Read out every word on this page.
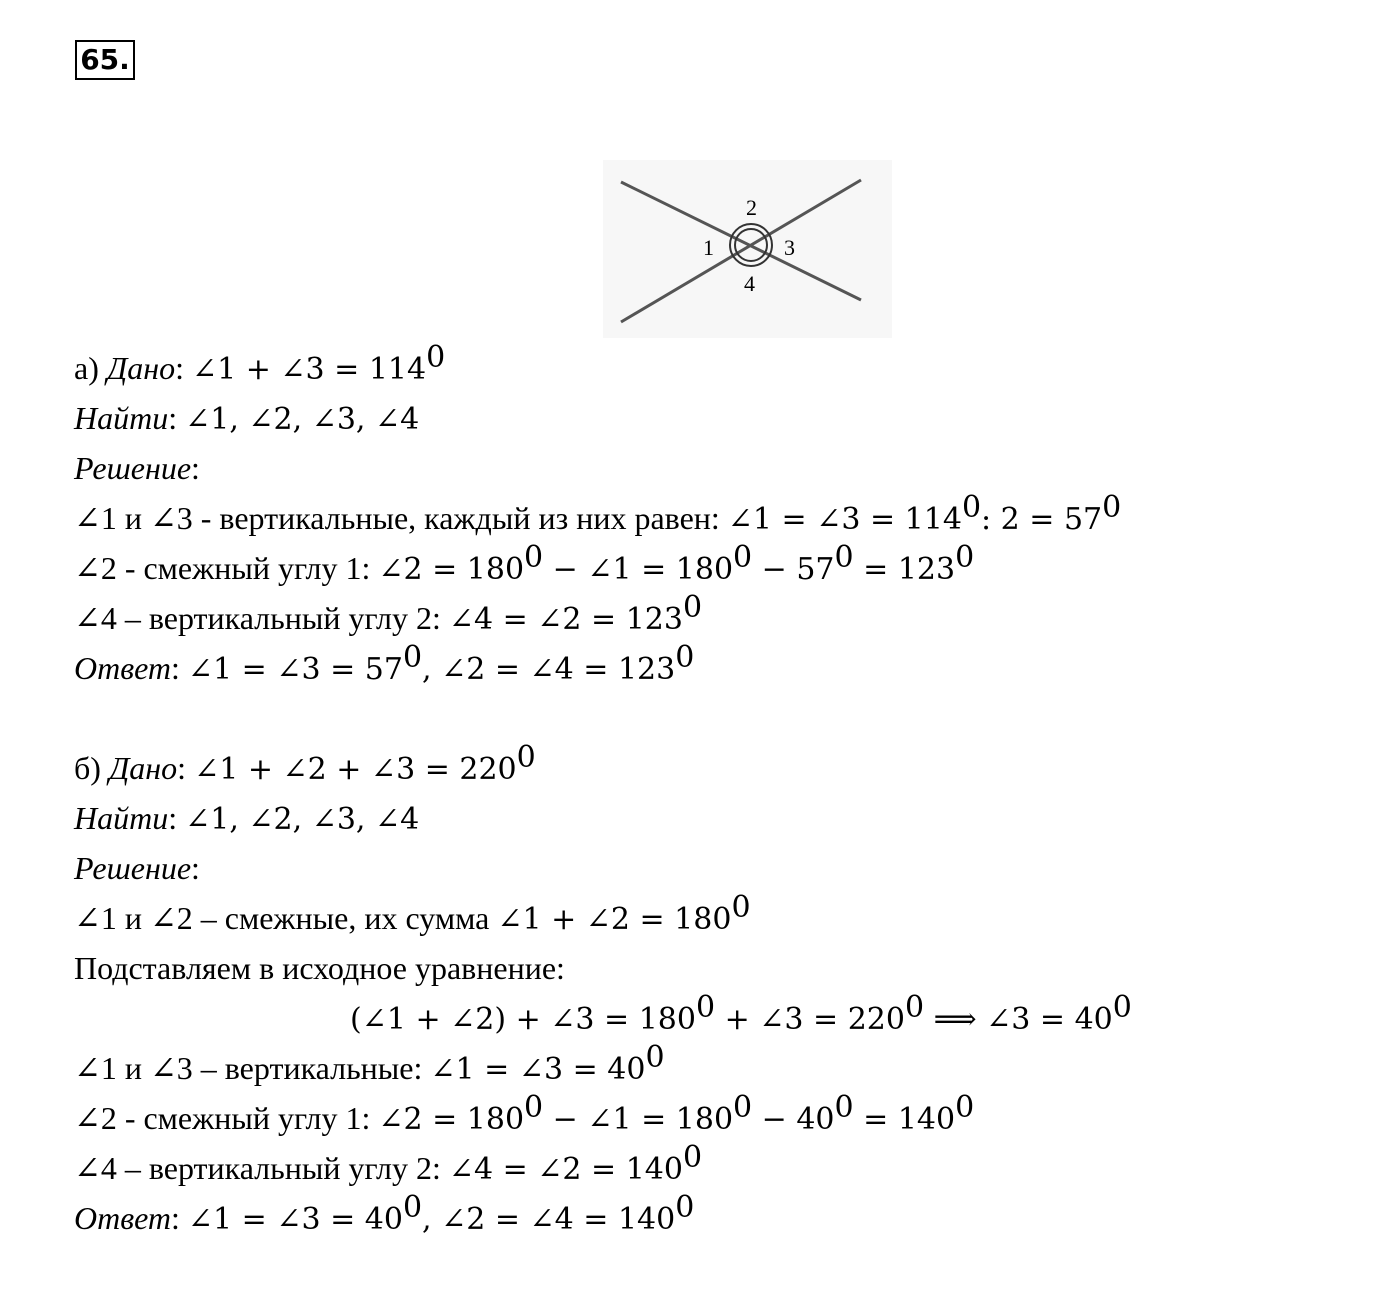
65.
2
1	3
4
а) Дано: ∠1 + ∠3 = $114^0$
Найти: ∠1, ∠2, ∠3, ∠4
Решение:
∠1 и ∠3 - вертикальные, каждый из них равен: ∠1 = ∠3 = $114^0$: $2 = 57^0$
∠2 - смежный углу 1: ∠2 = $180^0$ − ∠1 = $180^0 - 57^0 = 123^0$
∠4 – вертикальный углу 2: ∠4 = ∠2 = $123^0$
Ответ: ∠1 = ∠3 = $57^0$, ∠2 = ∠4 = $123^0$
б) Дано: ∠1 + ∠2 + ∠3 = $220^0$
Найти: ∠1, ∠2, ∠3, ∠4
Решение:
∠1 и ∠2 – смежные, их сумма ∠1 + ∠2 = $180^0$
Подставляем в исходное уравнение:
(∠1 + ∠2) + ∠3 = $180^0$ + ∠3 = $220^0$ ⟹ ∠3 = $40^0$
∠1 и ∠3 – вертикальные: ∠1 = ∠3 = $40^0$
∠2 - смежный углу 1: ∠2 = $180^0$ − ∠1 = $180^0 - 40^0 = 140^0$
∠4 – вертикальный углу 2: ∠4 = ∠2 = $140^0$
Ответ: ∠1 = ∠3 = $40^0$, ∠2 = ∠4 = $140^0$
